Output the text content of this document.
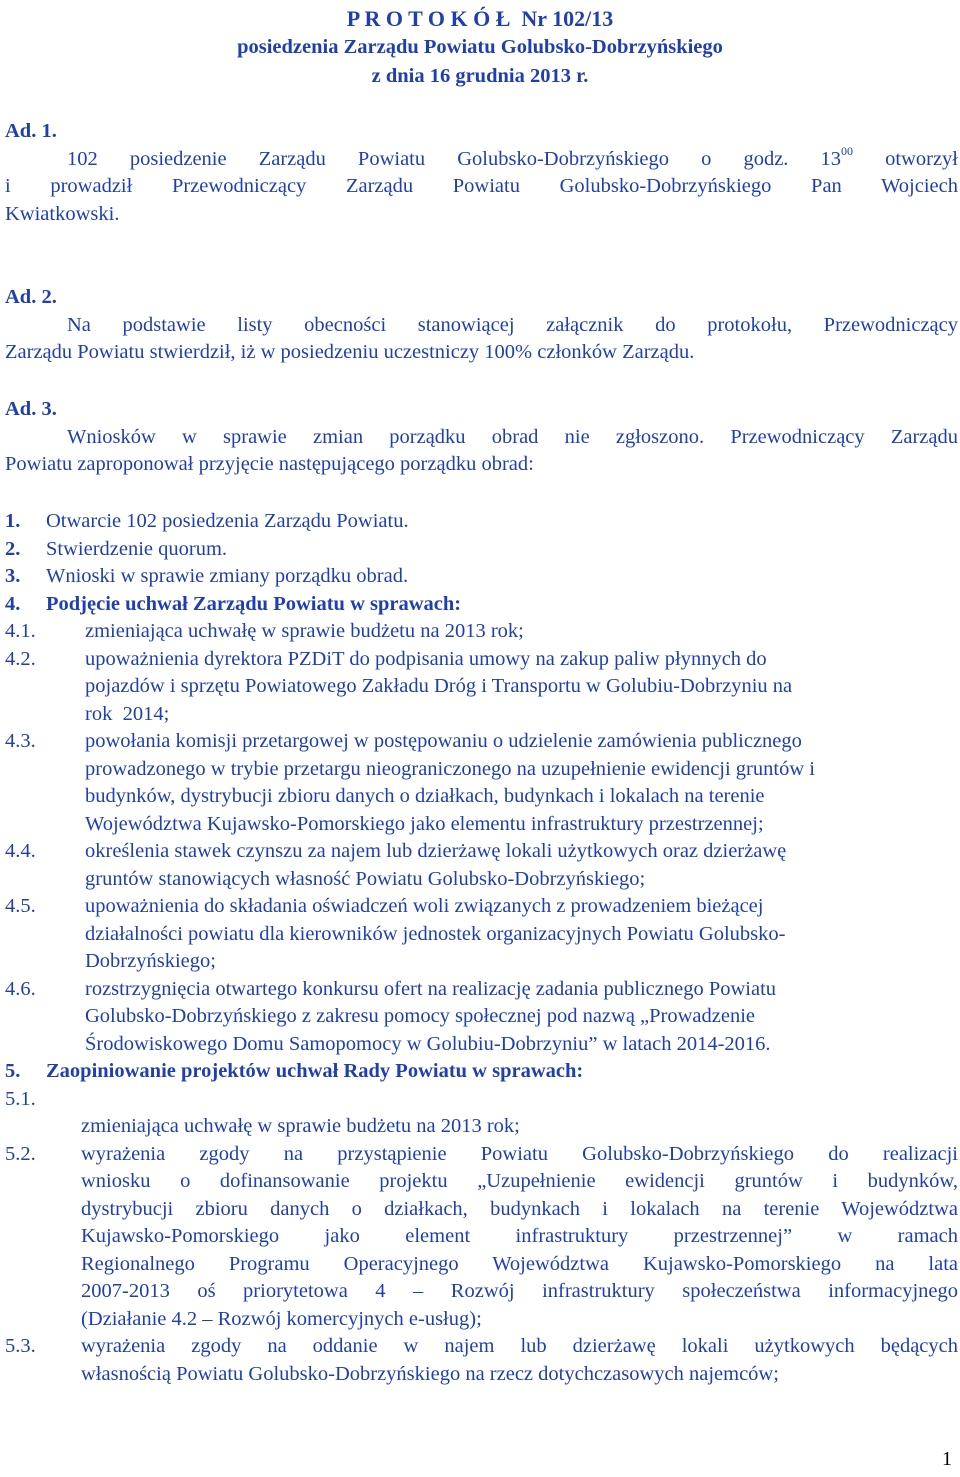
P R O T O K Ó Ł  Nr 102/13
posiedzenia Zarządu Powiatu Golubsko-Dobrzyńskiego
z dnia 16 grudnia 2013 r.
Ad. 1.
102  posiedzenie  Zarządu  Powiatu  Golubsko-Dobrzyńskiego  o  godz.  $13^{00}$  otworzył
i  prowadził  Przewodniczący  Zarządu  Powiatu  Golubsko-Dobrzyńskiego  Pan  Wojciech
Kwiatkowski.
Ad. 2.
Na  podstawie  listy  obecności  stanowiącej  załącznik  do  protokołu,  Przewodniczący
Zarządu Powiatu stwierdził, iż w posiedzeniu uczestniczy 100% członków Zarządu.
Ad. 3.
Wniosków  w  sprawie  zmian  porządku  obrad  nie  zgłoszono.  Przewodniczący  Zarządu
Powiatu zaproponował przyjęcie następującego porządku obrad:
1. Otwarcie 102 posiedzenia Zarządu Powiatu.
2. Stwierdzenie quorum.
3. Wnioski w sprawie zmiany porządku obrad.
4. Podjęcie uchwał Zarządu Powiatu w sprawach:
4.1. zmieniająca uchwałę w sprawie budżetu na 2013 rok;
4.2. upoważnienia dyrektora PZDiT do podpisania umowy na zakup paliw płynnych do
pojazdów i sprzętu Powiatowego Zakładu Dróg i Transportu w Golubiu-Dobrzyniu na
rok  2014;
4.3. powołania komisji przetargowej w postępowaniu o udzielenie zamówienia publicznego
prowadzonego w trybie przetargu nieograniczonego na uzupełnienie ewidencji gruntów i
budynków, dystrybucji zbioru danych o działkach, budynkach i lokalach na terenie
Województwa Kujawsko-Pomorskiego jako elementu infrastruktury przestrzennej;
4.4. określenia stawek czynszu za najem lub dzierżawę lokali użytkowych oraz dzierżawę
gruntów stanowiących własność Powiatu Golubsko-Dobrzyńskiego;
4.5. upoważnienia do składania oświadczeń woli związanych z prowadzeniem bieżącej
działalności powiatu dla kierowników jednostek organizacyjnych Powiatu Golubsko-
Dobrzyńskiego;
4.6. rozstrzygnięcia otwartego konkursu ofert na realizację zadania publicznego Powiatu
Golubsko-Dobrzyńskiego z zakresu pomocy społecznej pod nazwą „Prowadzenie
Środowiskowego Domu Samopomocy w Golubiu-Dobrzyniu” w latach 2014-2016.
5. Zaopiniowanie projektów uchwał Rady Powiatu w sprawach:
5.1.
zmieniająca uchwałę w sprawie budżetu na 2013 rok;
5.2. wyrażenia  zgody  na  przystąpienie  Powiatu  Golubsko-Dobrzyńskiego  do  realizacji
wniosku  o  dofinansowanie  projektu  „Uzupełnienie  ewidencji  gruntów  i  budynków,
dystrybucji  zbioru  danych  o  działkach,  budynkach  i  lokalach  na  terenie  Województwa
Kujawsko-Pomorskiego     jako     element     infrastruktury     przestrzennej”     w     ramach
Regionalnego  Programu  Operacyjnego  Województwa  Kujawsko-Pomorskiego  na  lata
2007-2013  oś  priorytetowa  4  –  Rozwój  infrastruktury  społeczeństwa  informacyjnego
(Działanie 4.2 – Rozwój komercyjnych e-usług);
5.3. wyrażenia  zgody  na  oddanie  w  najem  lub  dzierżawę  lokali  użytkowych  będących
własnością Powiatu Golubsko-Dobrzyńskiego na rzecz dotychczasowych najemców;
1
